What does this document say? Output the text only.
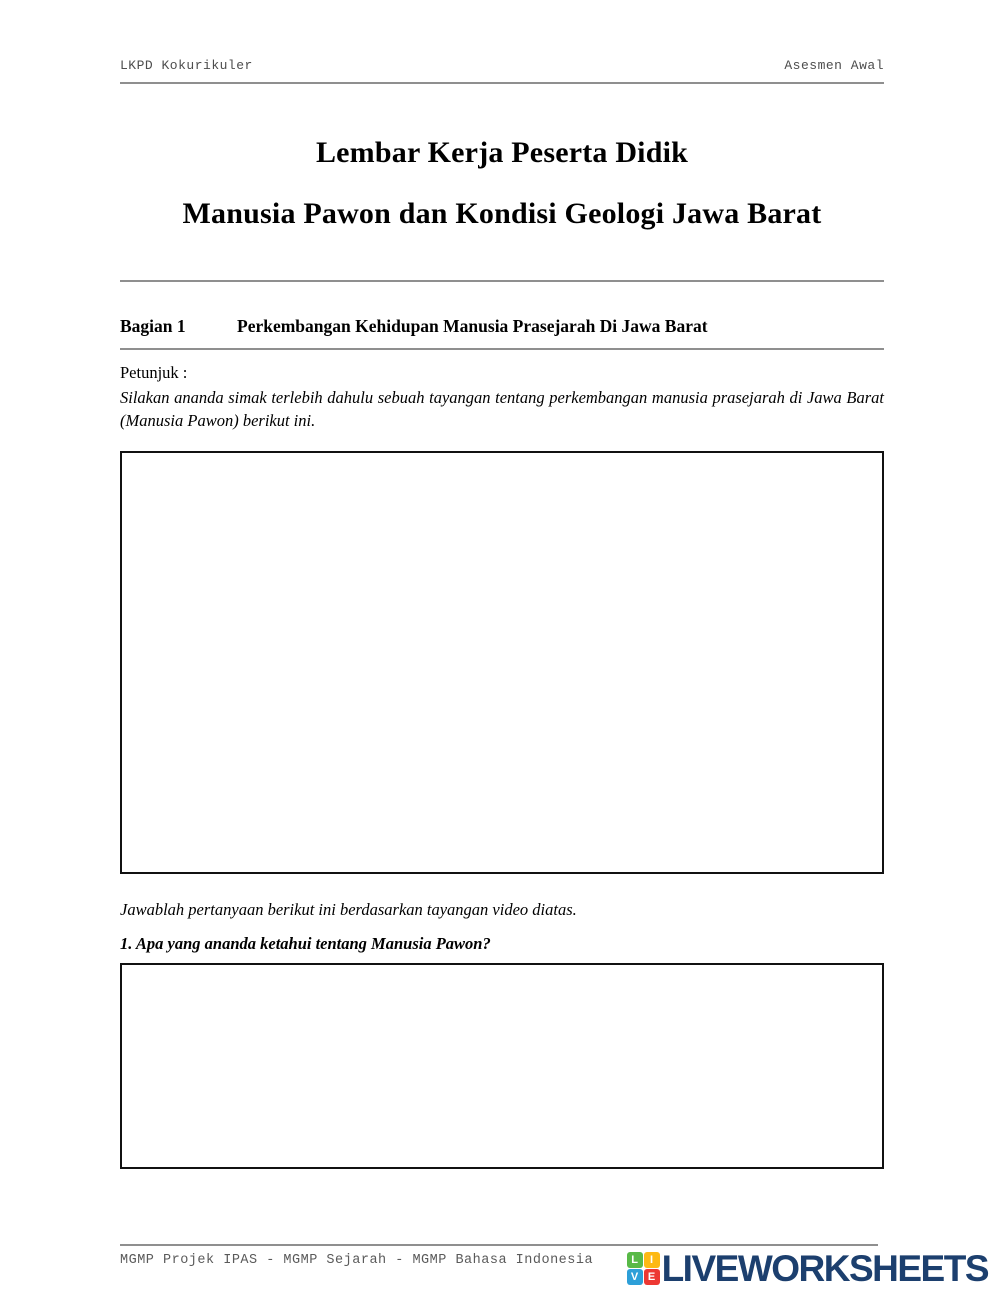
LKPD Kokurikuler	Asesmen Awal
Lembar Kerja Peserta Didik
Manusia Pawon dan Kondisi Geologi Jawa Barat
Bagian 1	Perkembangan Kehidupan Manusia Prasejarah Di Jawa Barat
Petunjuk :
Silakan ananda simak terlebih dahulu sebuah tayangan tentang perkembangan manusia prasejarah di Jawa Barat (Manusia Pawon) berikut ini.
Jawablah pertanyaan berikut ini berdasarkan tayangan video diatas.
1. Apa yang ananda ketahui tentang Manusia Pawon?
MGMP Projek IPAS - MGMP Sejarah - MGMP Bahasa Indonesia	L	I
V E LIVEWORKSHEETS
